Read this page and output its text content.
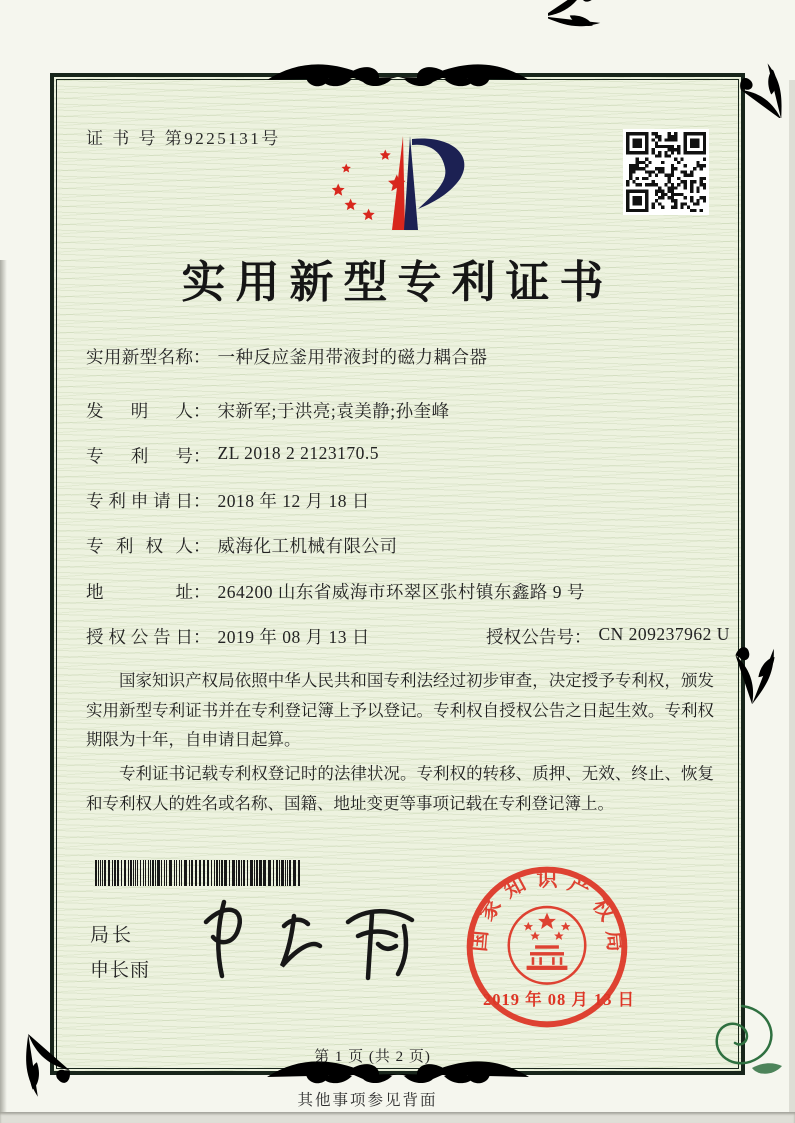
证 书 号 第9225131号
实用新型专利证书
实用新型名称： 一种反应釜用带液封的磁力耦合器
发明人： 宋新军;于洪亮;袁美静;孙奎峰
专利号： ZL 2018 2 2123170.5
专利申请日： 2018 年 12 月 18 日
专利权人： 威海化工机械有限公司
地址： 264200 山东省威海市环翠区张村镇东鑫路 9 号
授权公告日： 2019 年 08 月 13 日	授权公告号： CN 209237962 U

国家知识产权局依照中华人民共和国专利法经过初步审查，决定授予专利权，颁发实用新型专利证书并在专利登记簿上予以登记。专利权自授权公告之日起生效。专利权期限为十年，自申请日起算。

专利证书记载专利权登记时的法律状况。专利权的转移、质押、无效、终止、恢复和专利权人的姓名或名称、国籍、地址变更等事项记载在专利登记簿上。

局长
申长雨
国家知识产权局
2019 年 08 月 13 日
第 1 页 (共 2 页)
其他事项参见背面
